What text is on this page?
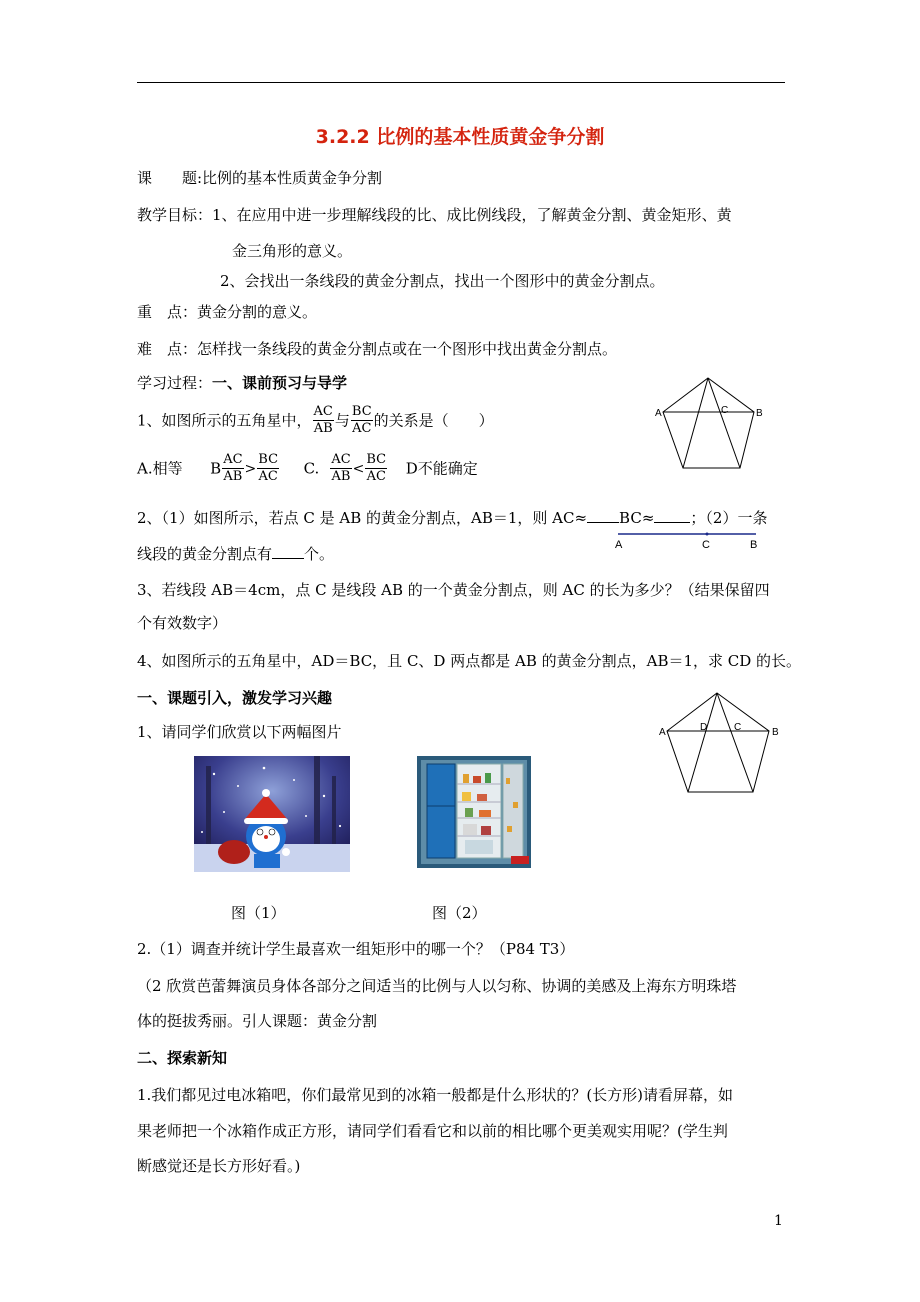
3.2.2 比例的基本性质黄金争分割
课　　题:比例的基本性质黄金争分割
教学目标：1、在应用中进一步理解线段的比、成比例线段，了解黄金分割、黄金矩形、黄
金三角形的意义。
2、会找出一条线段的黄金分割点，找出一个图形中的黄金分割点。
重　点：黄金分割的意义。
难　点：怎样找一条线段的黄金分割点或在一个图形中找出黄金分割点。
学习过程：一、课前预习与导学
1、如图所示的五角星中， $\frac{AC}{AB}$ 与 $\frac{BC}{AC}$ 的关系是（　　）
A.相等 B $\frac{AC}{AB} > \frac{BC}{AC} C$. $\frac{AC}{AB} < \frac{BC}{AC}$ D不能确定
A	C	B
2、（1）如图所示，若点 C 是 AB 的黄金分割点，AB＝1，则 AC≈ BC≈ ；（2）一条
线段的黄金分割点有 个。	A	C	B
3、若线段 AB＝4cm，点 C 是线段 AB 的一个黄金分割点，则 AC 的长为多少？（结果保留四
个有效数字）
4、如图所示的五角星中，AD＝BC，且 C、D 两点都是 AB 的黄金分割点，AB＝1，求 CD 的长。
一、课题引入，激发学习兴趣
1、请同学们欣赏以下两幅图片	A	D	C	B
图（1）	图（2）
2.（1）调查并统计学生最喜欢一组矩形中的哪一个？（P84 T3）
（2 欣赏芭蕾舞演员身体各部分之间适当的比例与人以匀称、协调的美感及上海东方明珠塔
体的挺拔秀丽。引人课题：黄金分割
二、探索新知
1.我们都见过电冰箱吧，你们最常见到的冰箱一般都是什么形状的？(长方形)请看屏幕，如
果老师把一个冰箱作成正方形，请同学们看看它和以前的相比哪个更美观实用呢？(学生判
断感觉还是长方形好看。)
1
